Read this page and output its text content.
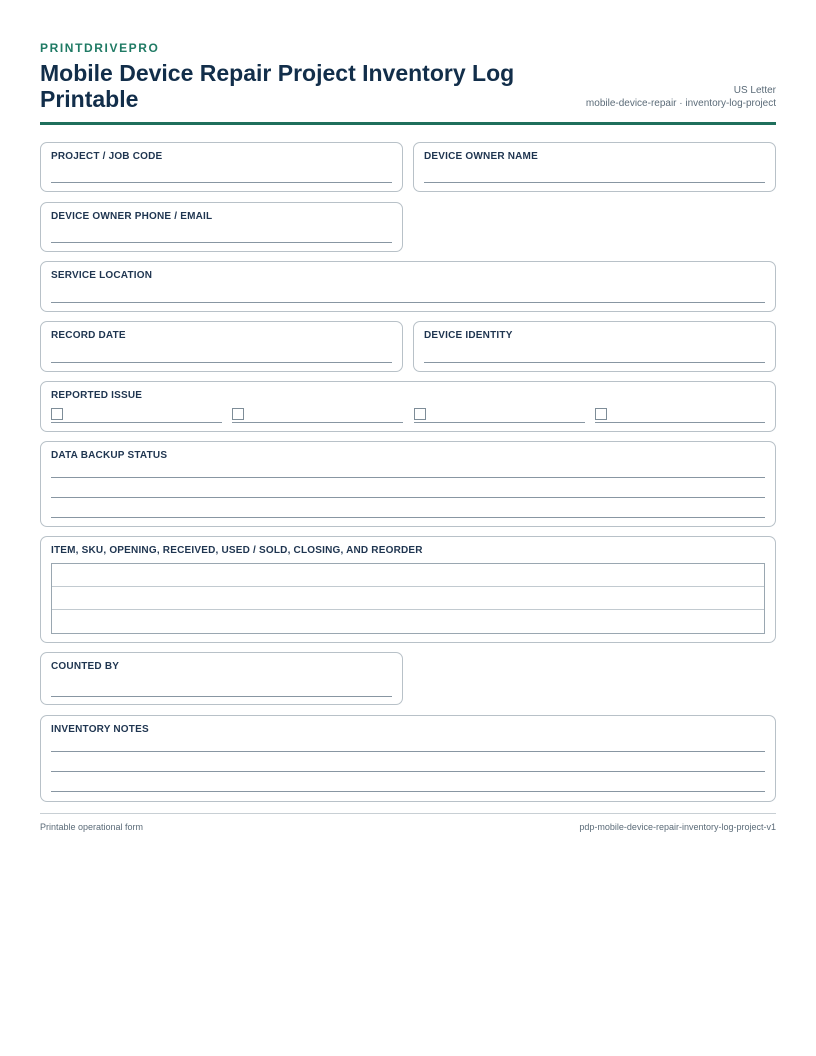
PRINTDRIVEPRO
Mobile Device Repair Project Inventory Log Printable	US Letter
mobile-device-repair · inventory-log-project
PROJECT / JOB CODE	DEVICE OWNER NAME
DEVICE OWNER PHONE / EMAIL
SERVICE LOCATION
RECORD DATE	DEVICE IDENTITY
REPORTED ISSUE
DATA BACKUP STATUS
ITEM, SKU, OPENING, RECEIVED, USED / SOLD, CLOSING, AND REORDER
COUNTED BY
INVENTORY NOTES
Printable operational form	pdp-mobile-device-repair-inventory-log-project-v1
